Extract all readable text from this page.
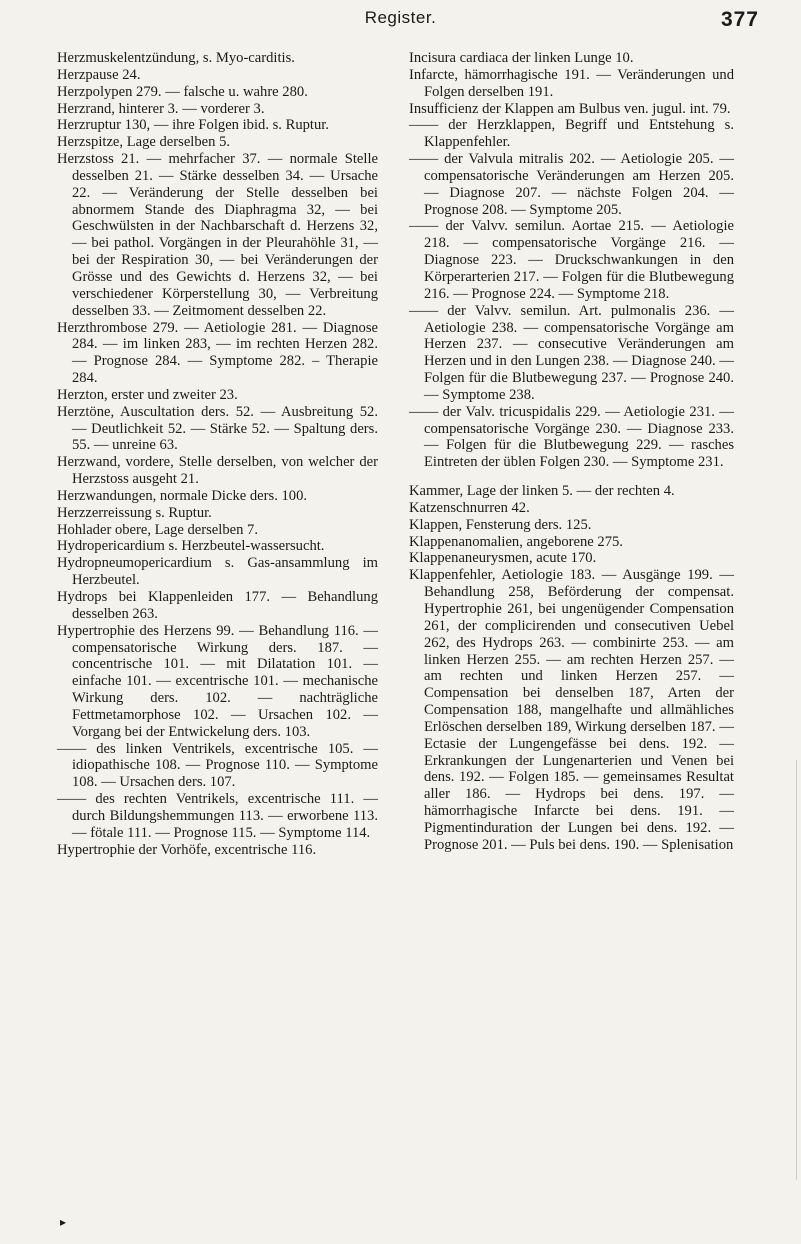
Register.	377
Herzmuskelentzündung, s. Myo-carditis.
Herzpause 24.
Herzpolypen 279. — falsche u. wahre 280.
Herzrand, hinterer 3. — vorderer 3.
Herzruptur 130, — ihre Folgen ibid. s. Ruptur.
Herzspitze, Lage derselben 5.
Herzstoss 21. — mehrfacher 37. — normale Stelle desselben 21. — Stärke desselben 34. — Ursache 22. — Veränderung der Stelle desselben bei abnormem Stande des Diaphragma 32, — bei Geschwülsten in der Nachbarschaft d. Herzens 32, — bei pathol. Vorgängen in der Pleurahöhle 31, — bei der Respiration 30, — bei Veränderungen der Grösse und des Gewichts d. Herzens 32, — bei verschiedener Körperstellung 30, — Verbreitung desselben 33. — Zeitmoment desselben 22.
Herzthrombose 279. — Aetiologie 281. — Diagnose 284. — im linken 283, — im rechten Herzen 282. — Prognose 284. — Symptome 282. – Therapie 284.
Herzton, erster und zweiter 23.
Herztöne, Auscultation ders. 52. — Ausbreitung 52. — Deutlichkeit 52. — Stärke 52. — Spaltung ders. 55. — unreine 63.
Herzwand, vordere, Stelle derselben, von welcher der Herzstoss ausgeht 21.
Herzwandungen, normale Dicke ders. 100.
Herzzerreissung s. Ruptur.
Hohlader obere, Lage derselben 7.
Hydropericardium s. Herzbeutel-wassersucht.
Hydropneumopericardium s. Gas-ansammlung im Herzbeutel.
Hydrops bei Klappenleiden 177. — Behandlung desselben 263.
Hypertrophie des Herzens 99. — Behandlung 116. — compensatorische Wirkung ders. 187. — concentrische 101. — mit Dilatation 101. — einfache 101. — excentrische 101. — mechanische Wirkung ders. 102. — nachträgliche Fettmetamorphose 102. — Ursachen 102. — Vorgang bei der Entwickelung ders. 103.
—— des linken Ventrikels, excentrische 105. — idiopathische 108. — Prognose 110. — Symptome 108. — Ursachen ders. 107.
—— des rechten Ventrikels, excentrische 111. — durch Bildungshemmungen 113. — erworbene 113. — fötale 111. — Prognose 115. — Symptome 114.
Hypertrophie der Vorhöfe, excentrische 116.
Incisura cardiaca der linken Lunge 10.
Infarcte, hämorrhagische 191. — Veränderungen und Folgen derselben 191.
Insufficienz der Klappen am Bulbus ven. jugul. int. 79.
—— der Herzklappen, Begriff und Entstehung s. Klappenfehler.
—— der Valvula mitralis 202. — Aetiologie 205. — compensatorische Veränderungen am Herzen 205. — Diagnose 207. — nächste Folgen 204. — Prognose 208. — Symptome 205.
—— der Valvv. semilun. Aortae 215. — Aetiologie 218. — compensatorische Vorgänge 216. — Diagnose 223. — Druckschwankungen in den Körperarterien 217. — Folgen für die Blutbewegung 216. — Prognose 224. — Symptome 218.
—— der Valvv. semilun. Art. pulmonalis 236. — Aetiologie 238. — compensatorische Vorgänge am Herzen 237. — consecutive Veränderungen am Herzen und in den Lungen 238. — Diagnose 240. — Folgen für die Blutbewegung 237. — Prognose 240. — Symptome 238.
—— der Valv. tricuspidalis 229. — Aetiologie 231. — compensatorische Vorgänge 230. — Diagnose 233. — Folgen für die Blutbewegung 229. — rasches Eintreten der üblen Folgen 230. — Symptome 231.
Kammer, Lage der linken 5. — der rechten 4.
Katzenschnurren 42.
Klappen, Fensterung ders. 125.
Klappenanomalien, angeborene 275.
Klappenaneurysmen, acute 170.
Klappenfehler, Aetiologie 183. — Ausgänge 199. — Behandlung 258, Beförderung der compensat. Hypertrophie 261, bei ungenügender Compensation 261, der complicirenden und consecutiven Uebel 262, des Hydrops 263. — combinirte 253. — am linken Herzen 255. — am rechten Herzen 257. — am rechten und linken Herzen 257. — Compensation bei denselben 187, Arten der Compensation 188, mangelhafte und allmähliches Erlöschen derselben 189, Wirkung derselben 187. — Ectasie der Lungengefässe bei dens. 192. — Erkrankungen der Lungenarterien und Venen bei dens. 192. — Folgen 185. — gemeinsames Resultat aller 186. — Hydrops bei dens. 197. — hämorrhagische Infarcte bei dens. 191. — Pigmentinduration der Lungen bei dens. 192. — Prognose 201. — Puls bei dens. 190. — Splenisation
▸
